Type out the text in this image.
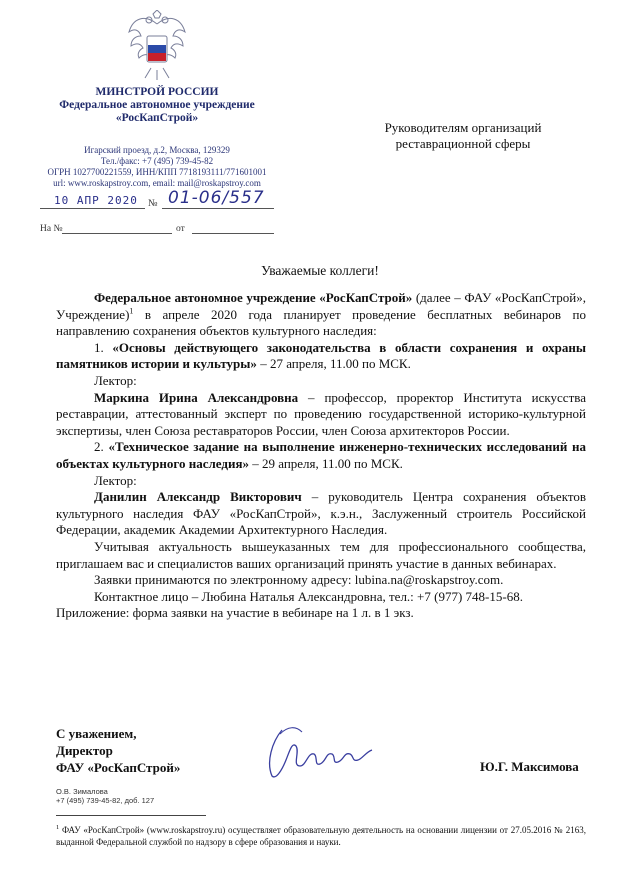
МИНСТРОЙ РОССИИ
Федеральное автономное учреждение
«РосКапСтрой»
Игарский проезд, д.2, Москва, 129329
Тел./факс: +7 (495) 739-45-82
ОГРН 1027700221559, ИНН/КПП 7718193111/771601001
url: www.roskapstroy.com, email: mail@roskapstroy.com
10 АПР 2020 № 01-06/557
На №	от
Руководителям организаций
реставрационной сферы
Уважаемые коллеги!

Федеральное автономное учреждение «РосКапСтрой» (далее – ФАУ «РосКапСтрой», Учреждение)$^1$ в апреле 2020 года планирует проведение бесплатных вебинаров по направлению сохранения объектов культурного наследия:

1. «Основы действующего законодательства в области сохранения и охраны памятников истории и культуры» – 27 апреля, 11.00 по МСК.

Лектор:

Маркина Ирина Александровна – профессор, проректор Института искусства реставрации, аттестованный эксперт по проведению государственной историко-культурной экспертизы, член Союза реставраторов России, член Союза архитекторов России.

2. «Техническое задание на выполнение инженерно-технических исследований на объектах культурного наследия» – 29 апреля, 11.00 по МСК.

Лектор:

Данилин Александр Викторович – руководитель Центра сохранения объектов культурного наследия ФАУ «РосКапСтрой», к.э.н., Заслуженный строитель Российской Федерации, академик Академии Архитектурного Наследия.

Учитывая актуальность вышеуказанных тем для профессионального сообщества, приглашаем вас и специалистов ваших организаций принять участие в данных вебинарах.

Заявки принимаются по электронному адресу: lubina.na@roskapstroy.com.

Контактное лицо – Любина Наталья Александровна, тел.: +7 (977) 748-15-68.

Приложение: форма заявки на участие в вебинаре на 1 л. в 1 экз.

С уважением,
Директор
ФАУ «РосКапСтрой»	Ю.Г. Максимова
О.В. Зималова
+7 (495) 739-45-82, доб. 127
$^1$ ФАУ «РосКапСтрой» (www.roskapstroy.ru) осуществляет образовательную деятельность на основании лицензии от 27.05.2016 № 2163, выданной Федеральной службой по надзору в сфере образования и науки.
